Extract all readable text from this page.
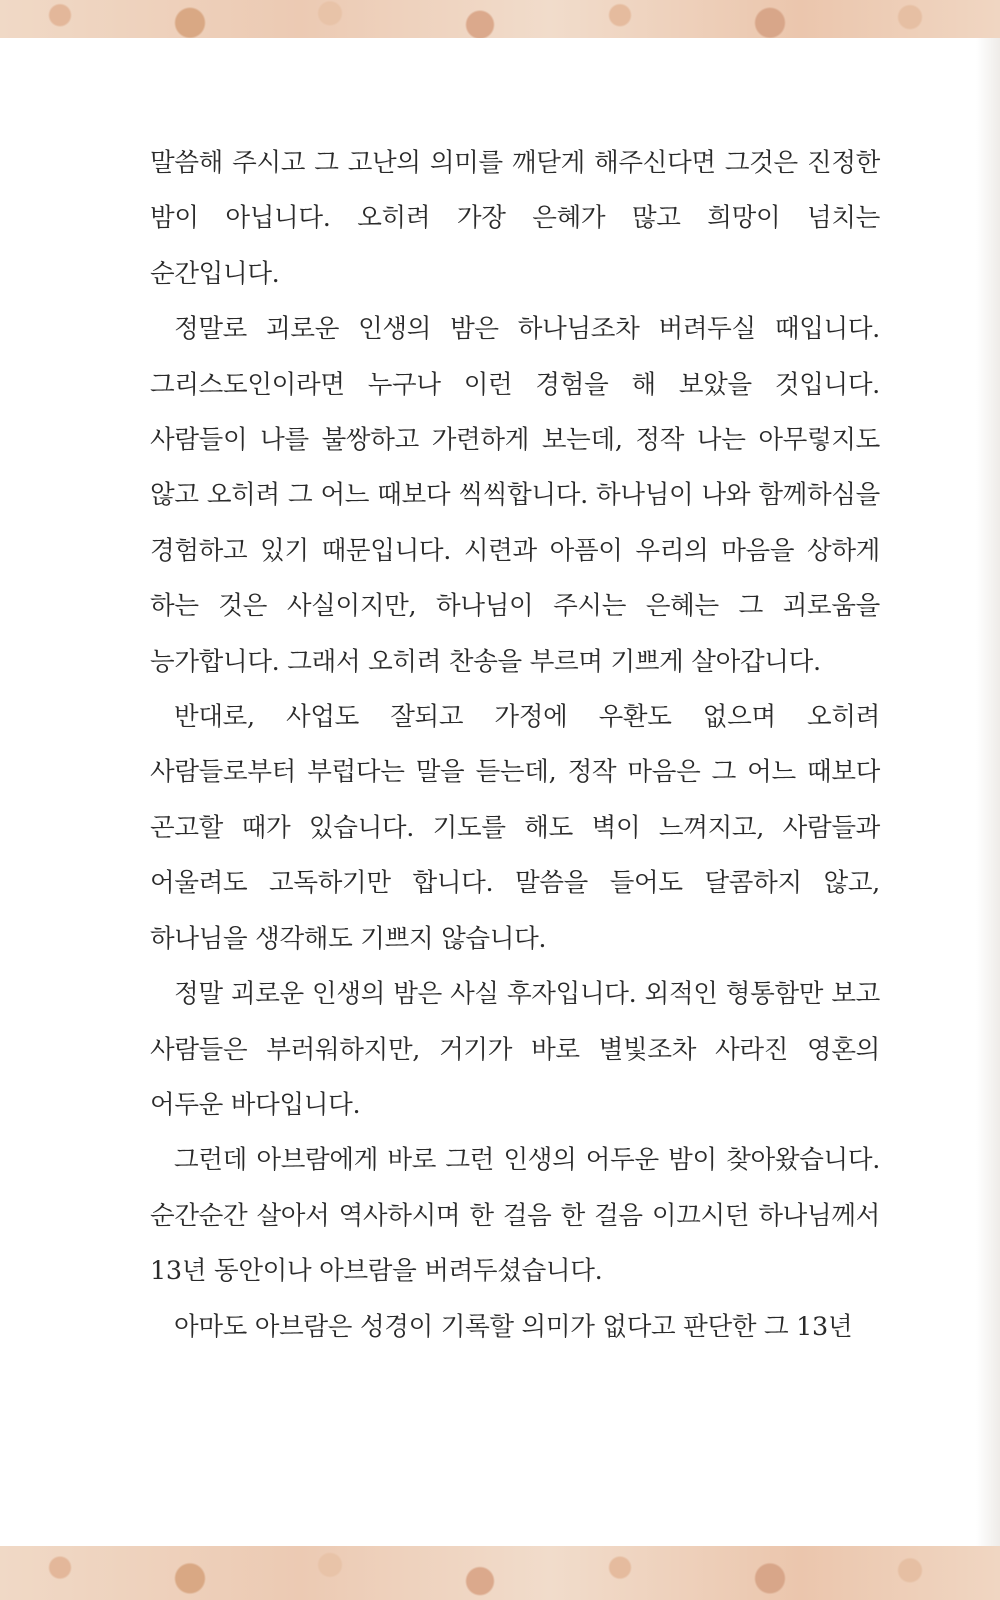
말씀해 주시고 그 고난의 의미를 깨닫게 해주신다면 그것은 진정한 밤이 아닙니다. 오히려 가장 은혜가 많고 희망이 넘치는 순간입니다.

정말로 괴로운 인생의 밤은 하나님조차 버려두실 때입니다. 그리스도인이라면 누구나 이런 경험을 해 보았을 것입니다. 사람들이 나를 불쌍하고 가련하게 보는데, 정작 나는 아무렇지도 않고 오히려 그 어느 때보다 씩씩합니다. 하나님이 나와 함께하심을 경험하고 있기 때문입니다. 시련과 아픔이 우리의 마음을 상하게 하는 것은 사실이지만, 하나님이 주시는 은혜는 그 괴로움을 능가합니다. 그래서 오히려 찬송을 부르며 기쁘게 살아갑니다.

반대로, 사업도 잘되고 가정에 우환도 없으며 오히려 사람들로부터 부럽다는 말을 듣는데, 정작 마음은 그 어느 때보다 곤고할 때가 있습니다. 기도를 해도 벽이 느껴지고, 사람들과 어울려도 고독하기만 합니다. 말씀을 들어도 달콤하지 않고, 하나님을 생각해도 기쁘지 않습니다.

정말 괴로운 인생의 밤은 사실 후자입니다. 외적인 형통함만 보고 사람들은 부러워하지만, 거기가 바로 별빛조차 사라진 영혼의 어두운 바다입니다.

그런데 아브람에게 바로 그런 인생의 어두운 밤이 찾아왔습니다. 순간순간 살아서 역사하시며 한 걸음 한 걸음 이끄시던 하나님께서 13년 동안이나 아브람을 버려두셨습니다.

아마도 아브람은 성경이 기록할 의미가 없다고 판단한 그 13년
